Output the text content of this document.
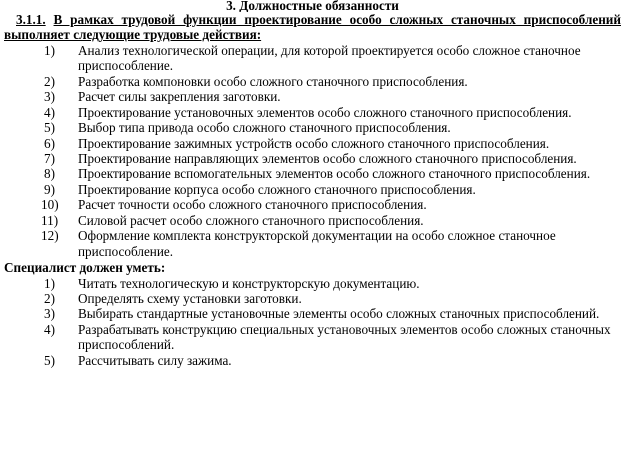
3. Должностные обязанности
3.1.1. В рамках трудовой функции проектирование особо сложных станочных приспособлений выполняет следующие трудовые действия:
1)	Анализ технологической операции, для которой проектируется особо сложное станочное приспособление.
2)	Разработка компоновки особо сложного станочного приспособления.
3)	Расчет силы закрепления заготовки.
4)	Проектирование установочных элементов особо сложного станочного приспособления.
5)	Выбор типа привода особо сложного станочного приспособления.
6)	Проектирование зажимных устройств особо сложного станочного приспособления.
7)	Проектирование направляющих элементов особо сложного станочного приспособления.
8)	Проектирование вспомогательных элементов особо сложного станочного приспособления.
9)	Проектирование корпуса особо сложного станочного приспособления.
10)	Расчет точности особо сложного станочного приспособления.
11)	Силовой расчет особо сложного станочного приспособления.
12)	Оформление комплекта конструкторской документации на особо сложное станочное приспособление.
Специалист должен уметь:
1)	Читать технологическую и конструкторскую документацию.
2)	Определять схему установки заготовки.
3)	Выбирать стандартные установочные элементы особо сложных станочных приспособлений.
4)	Разрабатывать конструкцию специальных установочных элементов особо сложных станочных приспособлений.
5)	Рассчитывать силу зажима.
